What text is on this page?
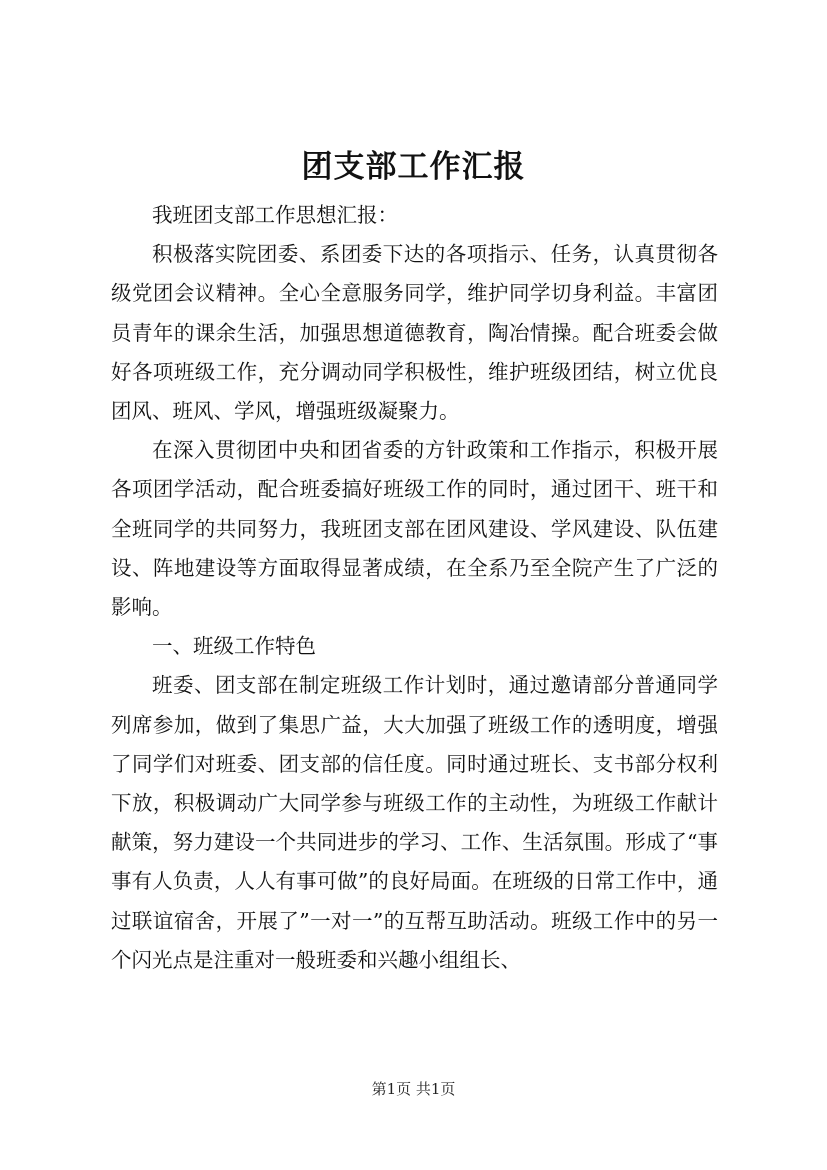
团支部工作汇报

我班团支部工作思想汇报：

积极落实院团委、系团委下达的各项指示、任务，认真贯彻各级党团会议精神。全心全意服务同学，维护同学切身利益。丰富团员青年的课余生活，加强思想道德教育，陶冶情操。配合班委会做好各项班级工作，充分调动同学积极性，维护班级团结，树立优良团风、班风、学风，增强班级凝聚力。

在深入贯彻团中央和团省委的方针政策和工作指示，积极开展各项团学活动，配合班委搞好班级工作的同时，通过团干、班干和全班同学的共同努力，我班团支部在团风建设、学风建设、队伍建设、阵地建设等方面取得显著成绩，在全系乃至全院产生了广泛的影响。

一、班级工作特色

班委、团支部在制定班级工作计划时，通过邀请部分普通同学列席参加，做到了集思广益，大大加强了班级工作的透明度，增强了同学们对班委、团支部的信任度。同时通过班长、支书部分权利下放，积极调动广大同学参与班级工作的主动性，为班级工作献计献策，努力建设一个共同进步的学习、工作、生活氛围。形成了“事事有人负责，人人有事可做”的良好局面。在班级的日常工作中，通过联谊宿舍，开展了”一对一”的互帮互助活动。班级工作中的另一个闪光点是注重对一般班委和兴趣小组组长、

第1页 共1页
